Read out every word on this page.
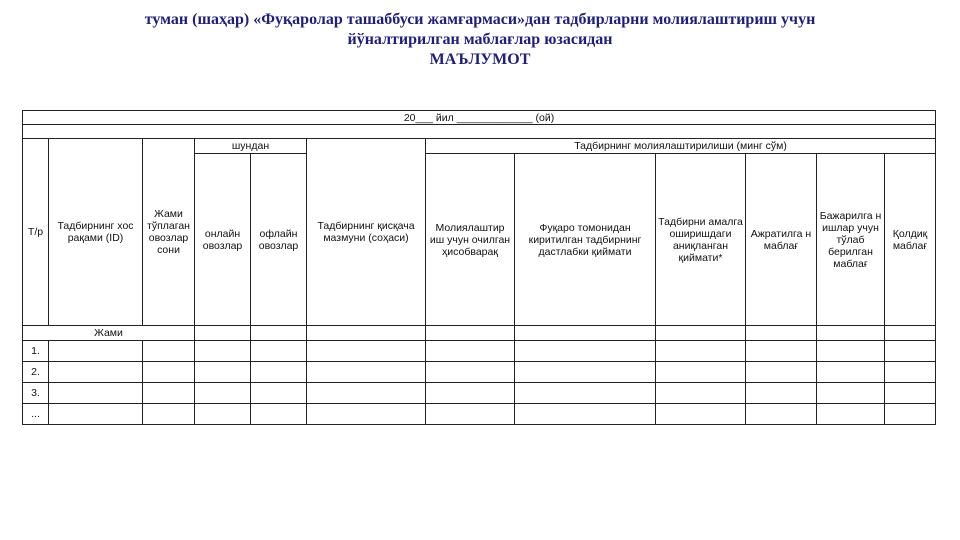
туман (шаҳар) «Фуқаролар ташаббуси жамғармаси»дан тадбирларни молиялаштириш учун
йўналтирилган маблағлар юзасидан
МАЪЛУМОТ
20___ йил _____________ (ой)											

Т/р	Тадбирнинг хос рақами (ID)	Жами тўплаган овозлар сони	шундан		Тадбирнинг қисқача мазмуни (соҳаси)	Тадбирнинг молиялаштирилиши (минг сўм)					
			онлайн овозлар	офлайн овозлар		Молиялаштир иш учун очилган ҳисобварақ	Фуқаро томонидан киритилган тадбирнинг дастлабки қиймати	Тадбирни амалга оширишдаги аниқланган қиймати*	Ажратилга н маблағ	Бажарилга н ишлар учун тўлаб берилган маблағ	Қолдиқ маблағ
Жами											
1.											
2.											
3.											
...											
